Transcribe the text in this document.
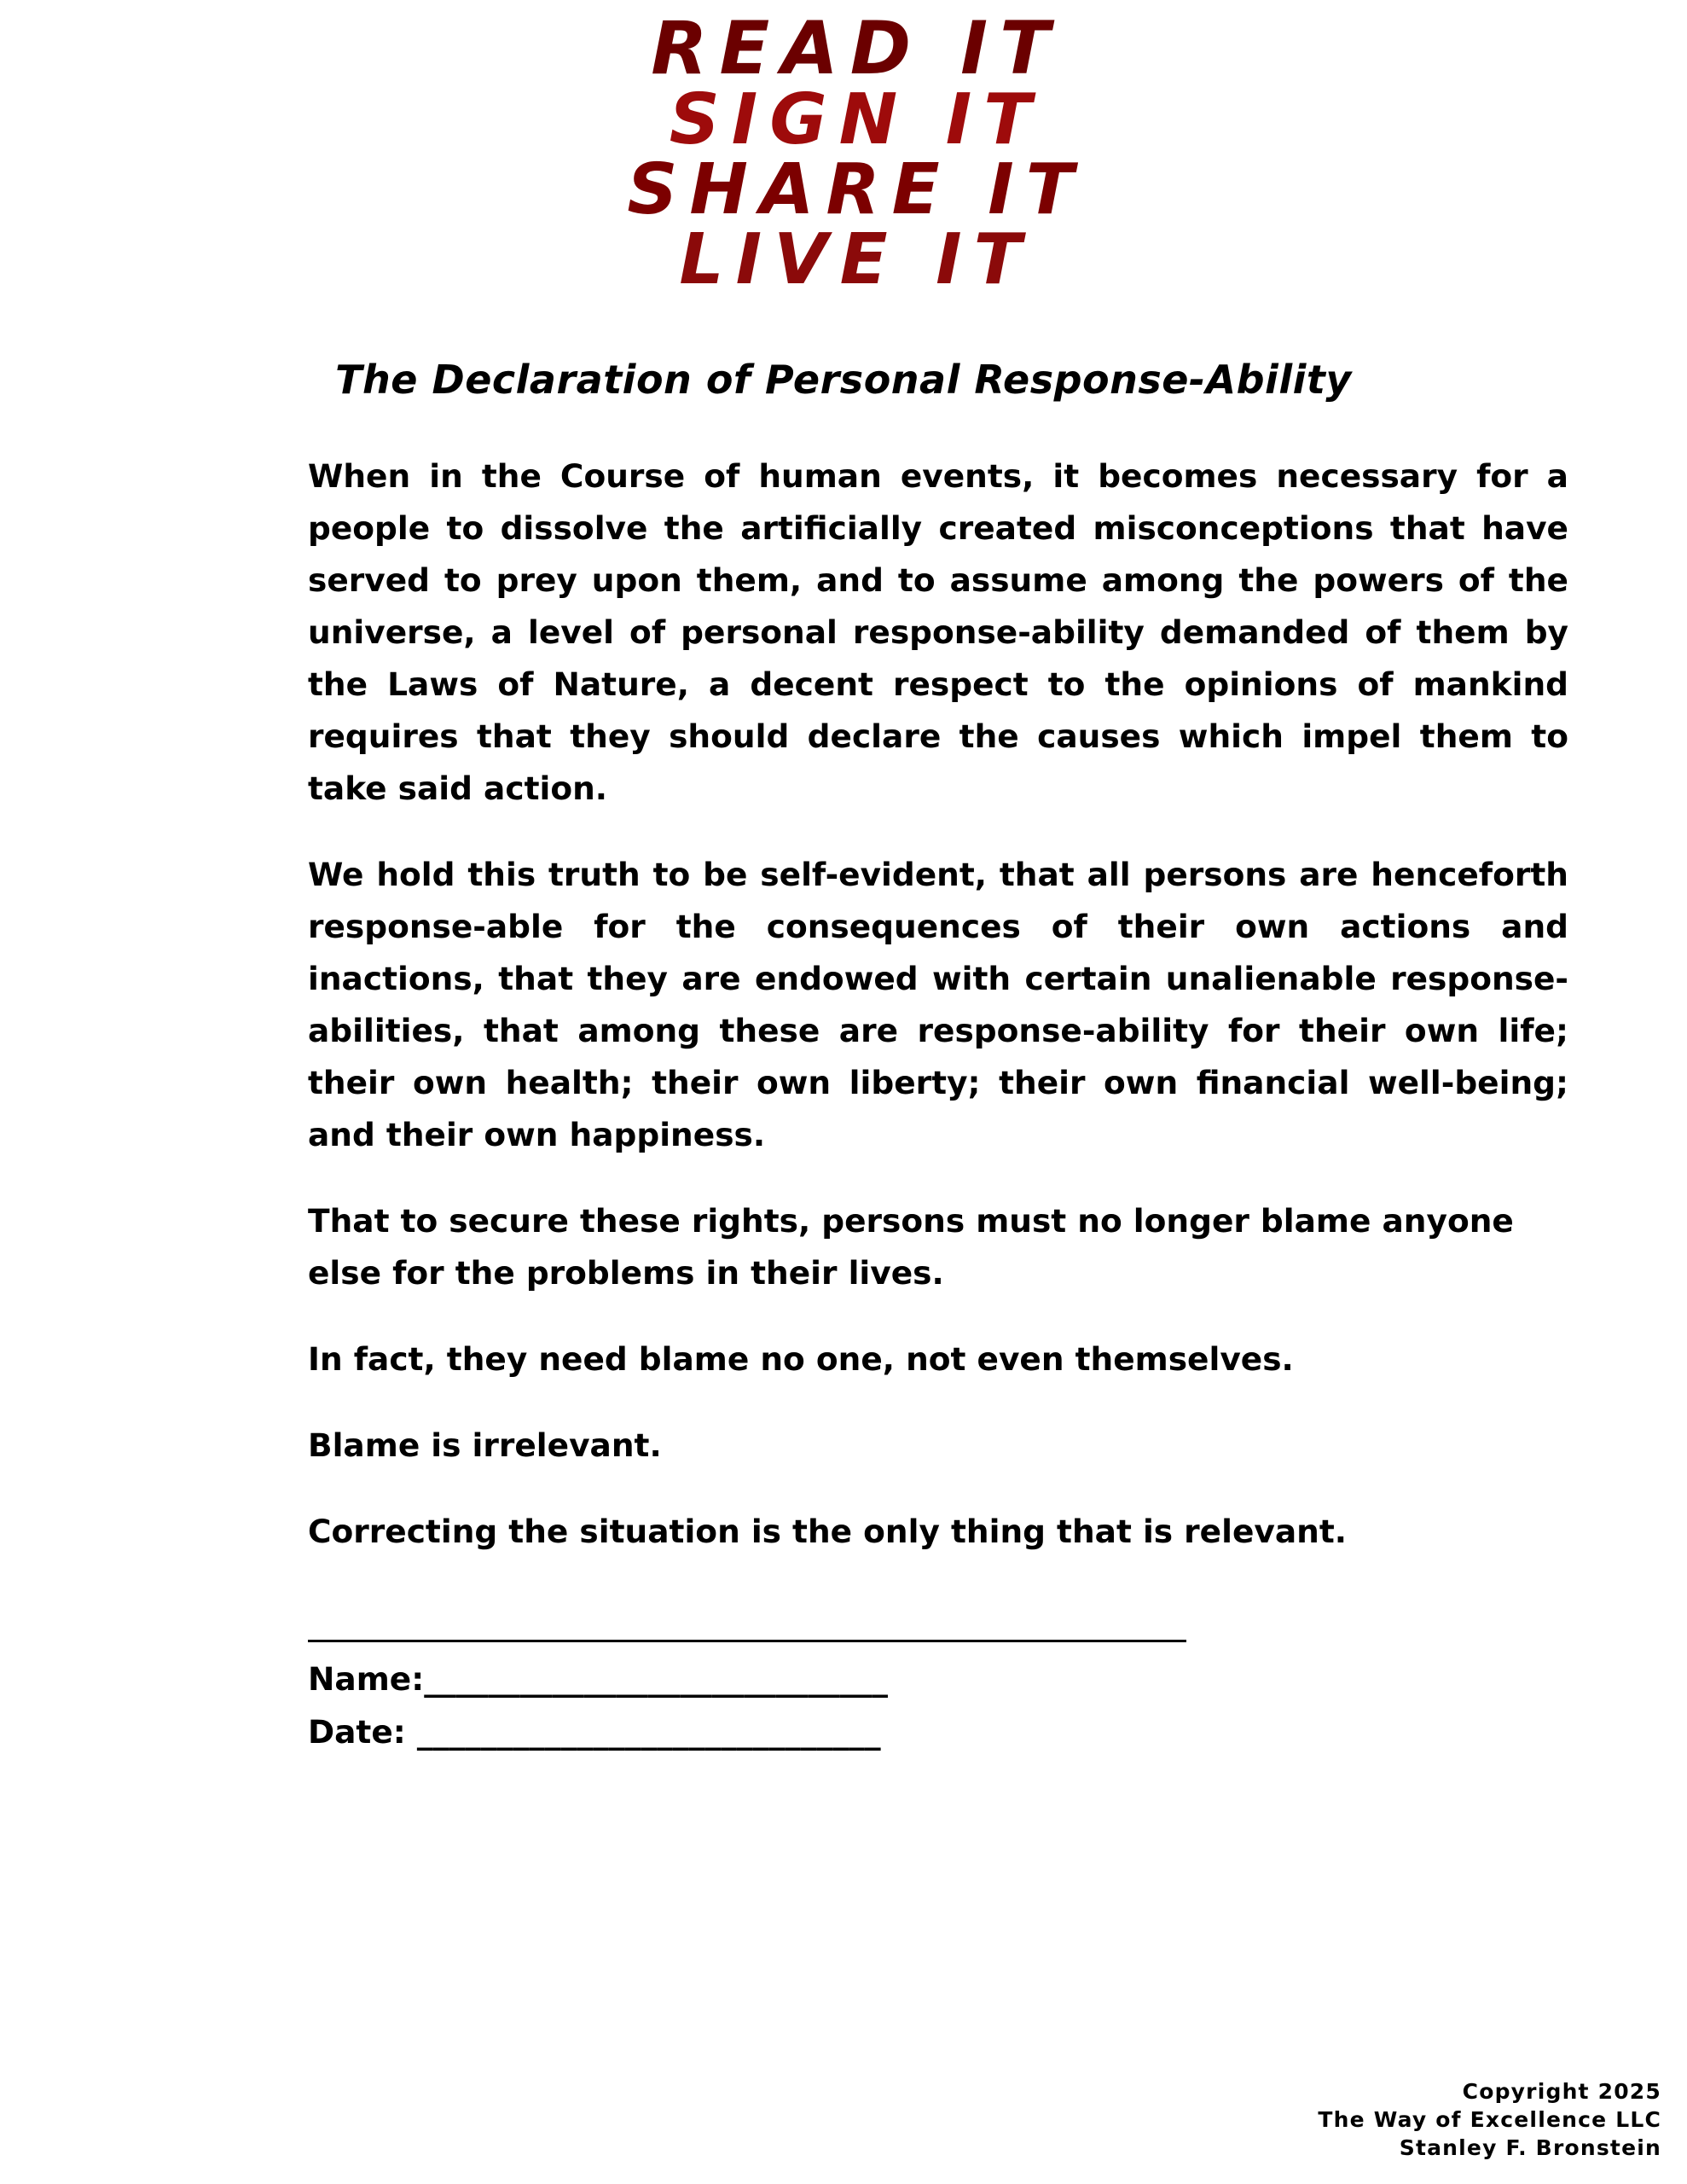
READ IT
SIGN IT
SHARE IT
LIVE IT
The Declaration of Personal Response-Ability

When in the Course of human events, it becomes necessary for a people to dissolve the artificially created misconceptions that have served to prey upon them, and to assume among the powers of the universe, a level of personal response-ability demanded of them by the Laws of Nature, a decent respect to the opinions of mankind requires that they should declare the causes which impel them to take said action.

We hold this truth to be self-evident, that all persons are henceforth response-able for the consequences of their own actions and inactions, that they are endowed with certain unalienable response-abilities, that among these are response-ability for their own life; their own health; their own liberty; their own financial well-being; and their own happiness.

That to secure these rights, persons must no longer blame anyone else for the problems in their lives.

In fact, they need blame no one, not even themselves.

Blame is irrelevant.

Correcting the situation is the only thing that is relevant.

Name:_____________________________
Date: _____________________________
Copyright 2025
The Way of Excellence LLC
Stanley F. Bronstein
